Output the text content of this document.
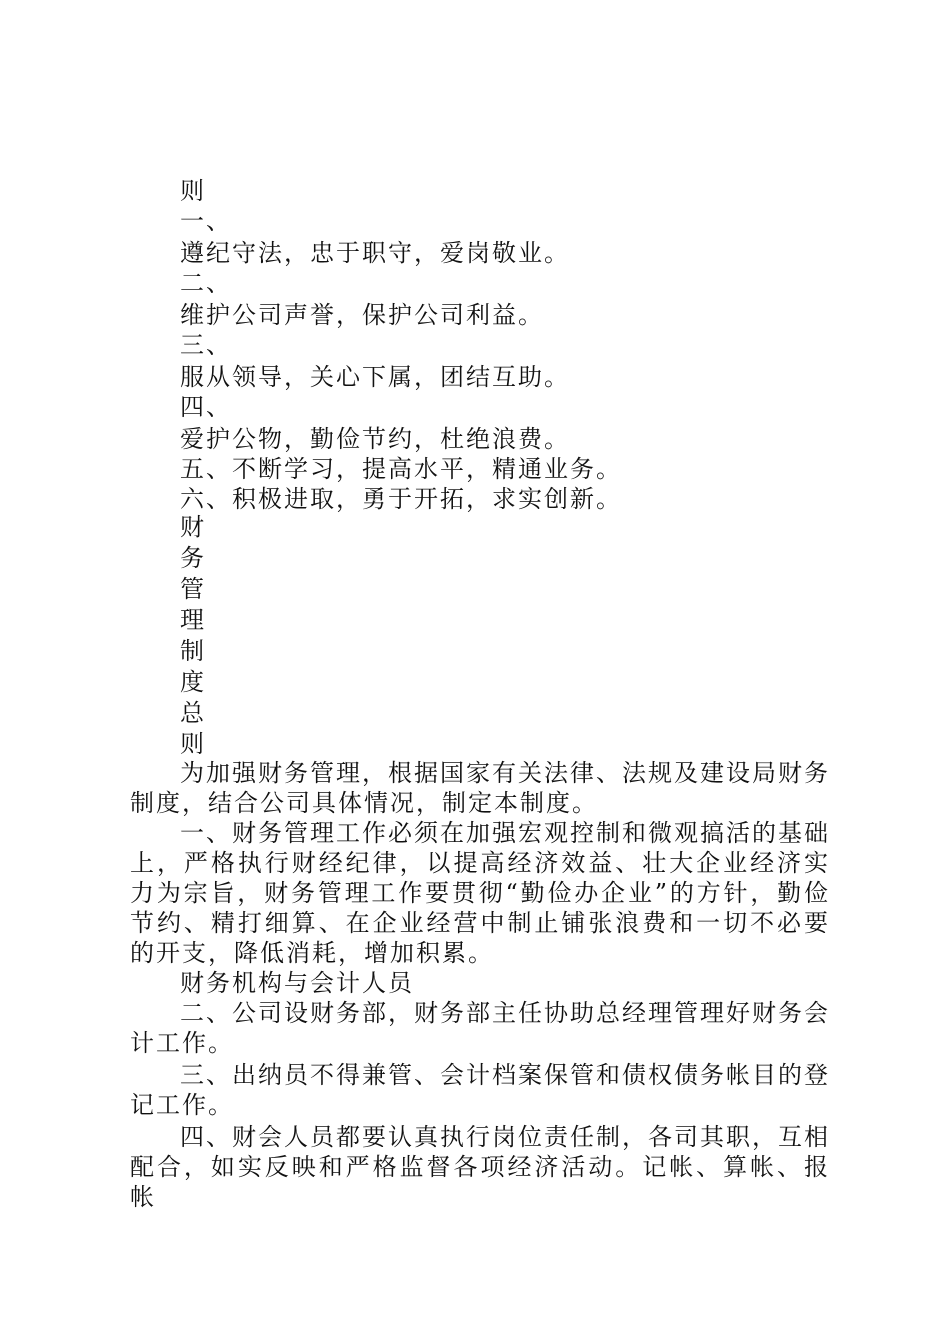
则
一、
遵纪守法，忠于职守，爱岗敬业。
二、
维护公司声誉，保护公司利益。
三、
服从领导，关心下属，团结互助。
四、
爱护公物，勤俭节约，杜绝浪费。
五、不断学习，提高水平，精通业务。
六、积极进取，勇于开拓，求实创新。
财
务
管
理
制
度
总
则

为加强财务管理，根据国家有关法律、法规及建设局财务制度，结合公司具体情况，制定本制度。

一、财务管理工作必须在加强宏观控制和微观搞活的基础上，严格执行财经纪律，以提高经济效益、壮大企业经济实力为宗旨，财务管理工作要贯彻“勤俭办企业”的方针，勤俭节约、精打细算、在企业经营中制止铺张浪费和一切不必要的开支，降低消耗，增加积累。

财务机构与会计人员

二、公司设财务部，财务部主任协助总经理管理好财务会计工作。

三、出纳员不得兼管、会计档案保管和债权债务帐目的登记工作。

四、财会人员都要认真执行岗位责任制，各司其职，互相配合，如实反映和严格监督各项经济活动。记帐、算帐、报帐
